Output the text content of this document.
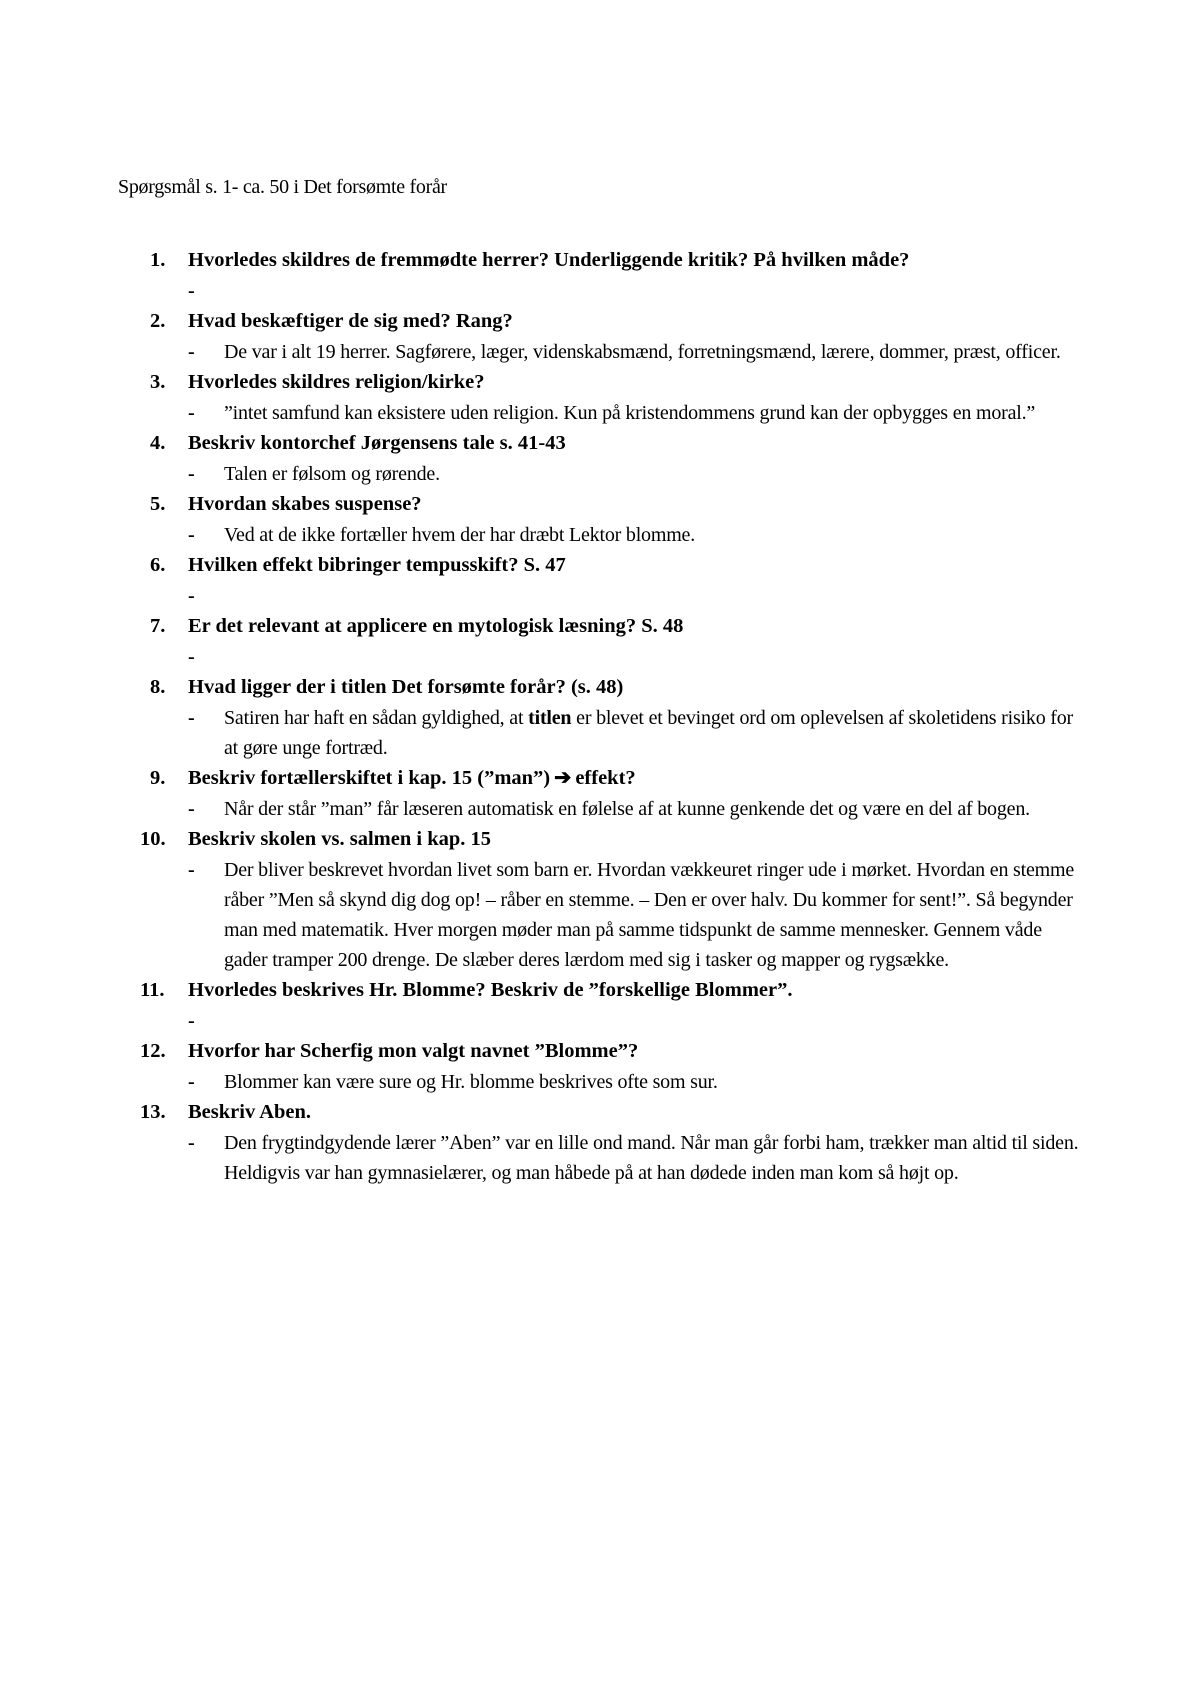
Spørgsmål s. 1- ca. 50 i Det forsømte forår
1. Hvorledes skildres de fremmødte herrer? Underliggende kritik? På hvilken måde?
-
2. Hvad beskæftiger de sig med? Rang?
- De var i alt 19 herrer. Sagførere, læger, videnskabsmænd, forretningsmænd, lærere, dommer, præst, officer.
3. Hvorledes skildres religion/kirke?
- ”intet samfund kan eksistere uden religion. Kun på kristendommens grund kan der opbygges en moral.”
4. Beskriv kontorchef Jørgensens tale s. 41-43
- Talen er følsom og rørende.
5. Hvordan skabes suspense?
- Ved at de ikke fortæller hvem der har dræbt Lektor blomme.
6. Hvilken effekt bibringer tempusskift? S. 47
-
7. Er det relevant at applicere en mytologisk læsning? S. 48
-
8. Hvad ligger der i titlen Det forsømte forår? (s. 48)
- Satiren har haft en sådan gyldighed, at titlen er blevet et bevinget ord om oplevelsen af skoletidens risiko for at gøre unge fortræd.
9. Beskriv fortællerskiftet i kap. 15 (”man”) ➔ effekt?
- Når der står ”man” får læseren automatisk en følelse af at kunne genkende det og være en del af bogen.
10. Beskriv skolen vs. salmen i kap. 15
- Der bliver beskrevet hvordan livet som barn er. Hvordan vækkeuret ringer ude i mørket. Hvordan en stemme råber ”Men så skynd dig dog op! – råber en stemme. – Den er over halv. Du kommer for sent!”. Så begynder man med matematik. Hver morgen møder man på samme tidspunkt de samme mennesker. Gennem våde gader tramper 200 drenge. De slæber deres lærdom med sig i tasker og mapper og rygsække.
11. Hvorledes beskrives Hr. Blomme? Beskriv de ”forskellige Blommer”.
-
12. Hvorfor har Scherfig mon valgt navnet ”Blomme”?
- Blommer kan være sure og Hr. blomme beskrives ofte som sur.
13. Beskriv Aben.
- Den frygtindgydende lærer ”Aben” var en lille ond mand. Når man går forbi ham, trækker man altid til siden. Heldigvis var han gymnasielærer, og man håbede på at han dødede inden man kom så højt op.
